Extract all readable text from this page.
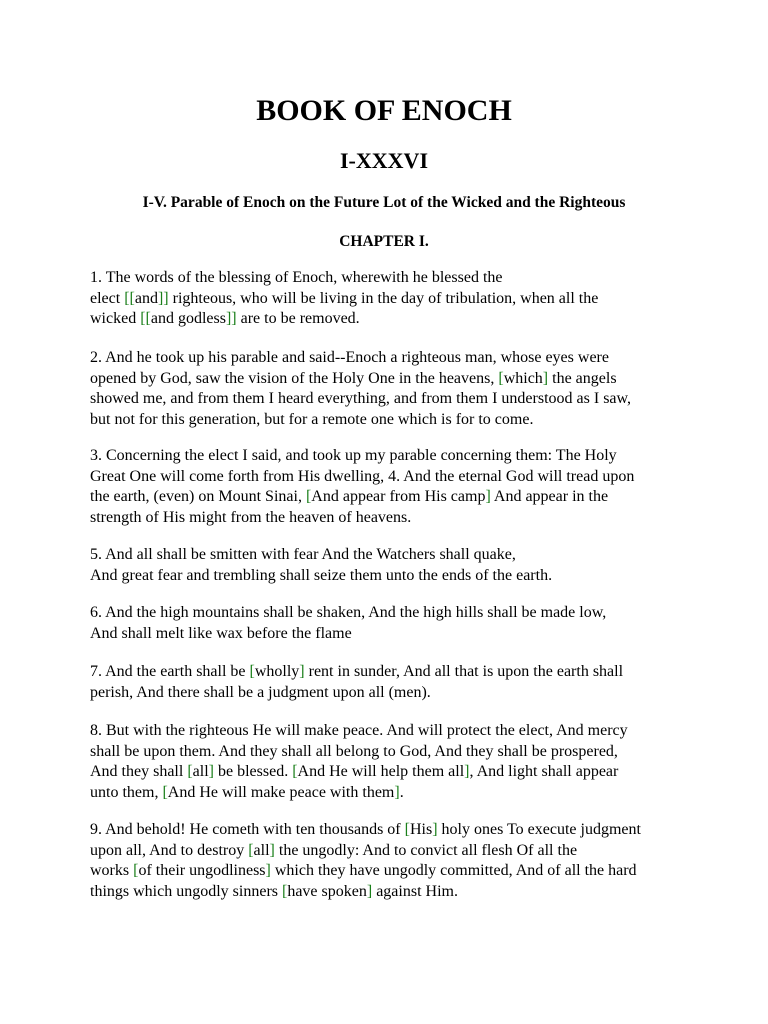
BOOK OF ENOCH
I-XXXVI
I-V. Parable of Enoch on the Future Lot of the Wicked and the Righteous
CHAPTER I.

1. The words of the blessing of Enoch, wherewith he blessed the
elect [[and]] righteous, who will be living in the day of tribulation, when all the
wicked [[and godless]] are to be removed.

2. And he took up his parable and said--Enoch a righteous man, whose eyes were
opened by God, saw the vision of the Holy One in the heavens, [which] the angels
showed me, and from them I heard everything, and from them I understood as I saw,
but not for this generation, but for a remote one which is for to come.

3. Concerning the elect I said, and took up my parable concerning them: The Holy
Great One will come forth from His dwelling, 4. And the eternal God will tread upon
the earth, (even) on Mount Sinai, [And appear from His camp] And appear in the
strength of His might from the heaven of heavens.

5. And all shall be smitten with fear And the Watchers shall quake,
And great fear and trembling shall seize them unto the ends of the earth.

6. And the high mountains shall be shaken, And the high hills shall be made low,
And shall melt like wax before the flame

7. And the earth shall be [wholly] rent in sunder, And all that is upon the earth shall
perish, And there shall be a judgment upon all (men).

8. But with the righteous He will make peace. And will protect the elect, And mercy
shall be upon them. And they shall all belong to God, And they shall be prospered,
And they shall [all] be blessed. [And He will help them all], And light shall appear
unto them, [And He will make peace with them].

9. And behold! He cometh with ten thousands of [His] holy ones To execute judgment
upon all, And to destroy [all] the ungodly: And to convict all flesh Of all the
works [of their ungodliness] which they have ungodly committed, And of all the hard
things which ungodly sinners [have spoken] against Him.
